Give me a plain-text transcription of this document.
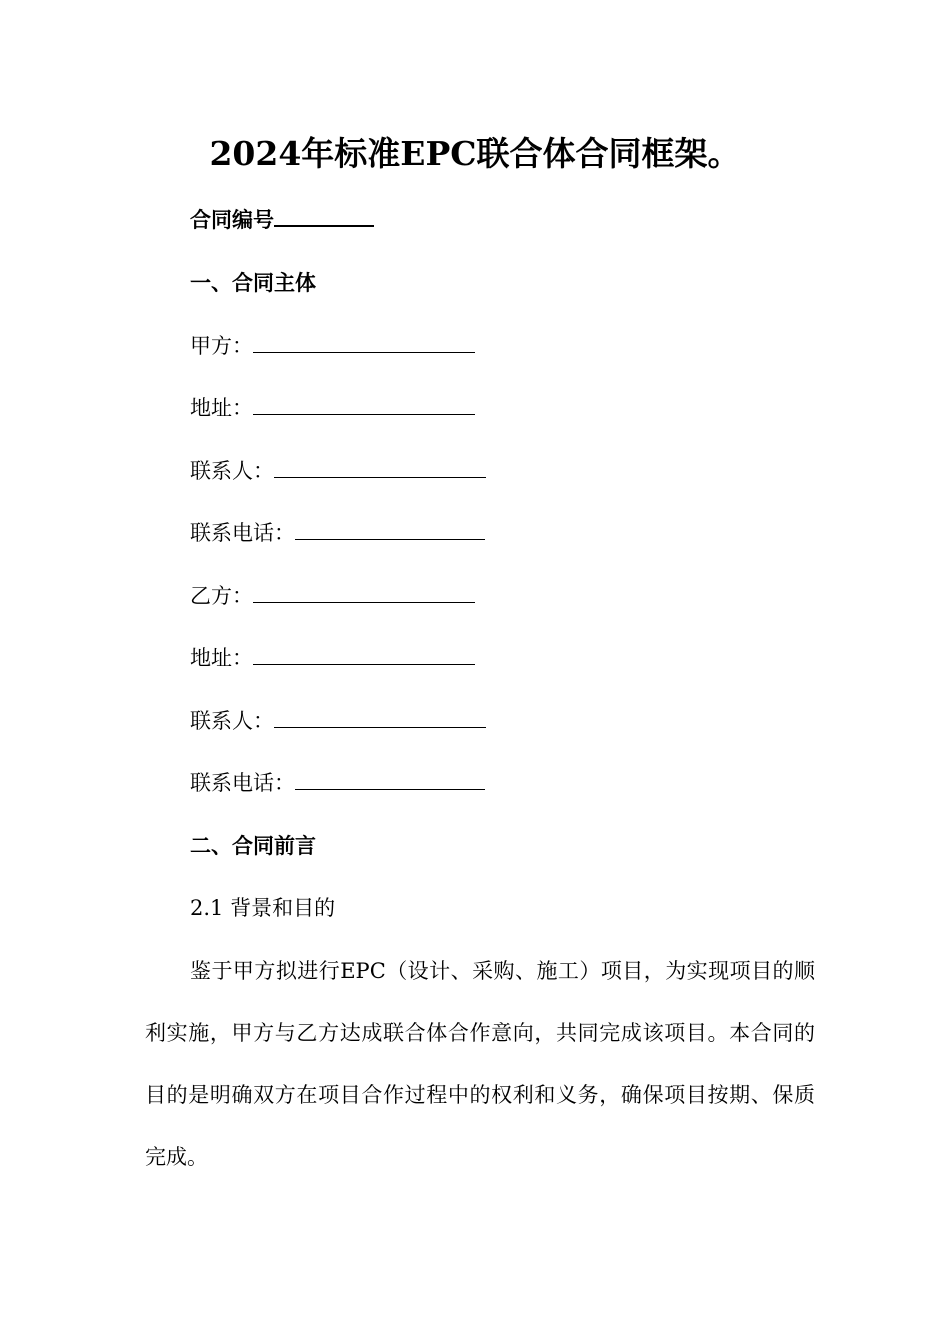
2024年标准EPC联合体合同框架。
合同编号
一、合同主体
甲方：
地址：
联系人：
联系电话：
乙方：
地址：
联系人：
联系电话：
二、合同前言
2.1 背景和目的
鉴于甲方拟进行EPC（设计、采购、施工）项目，为实现项目的顺利实施，甲方与乙方达成联合体合作意向，共同完成该项目。本合同的目的是明确双方在项目合作过程中的权利和义务，确保项目按期、保质完成。
